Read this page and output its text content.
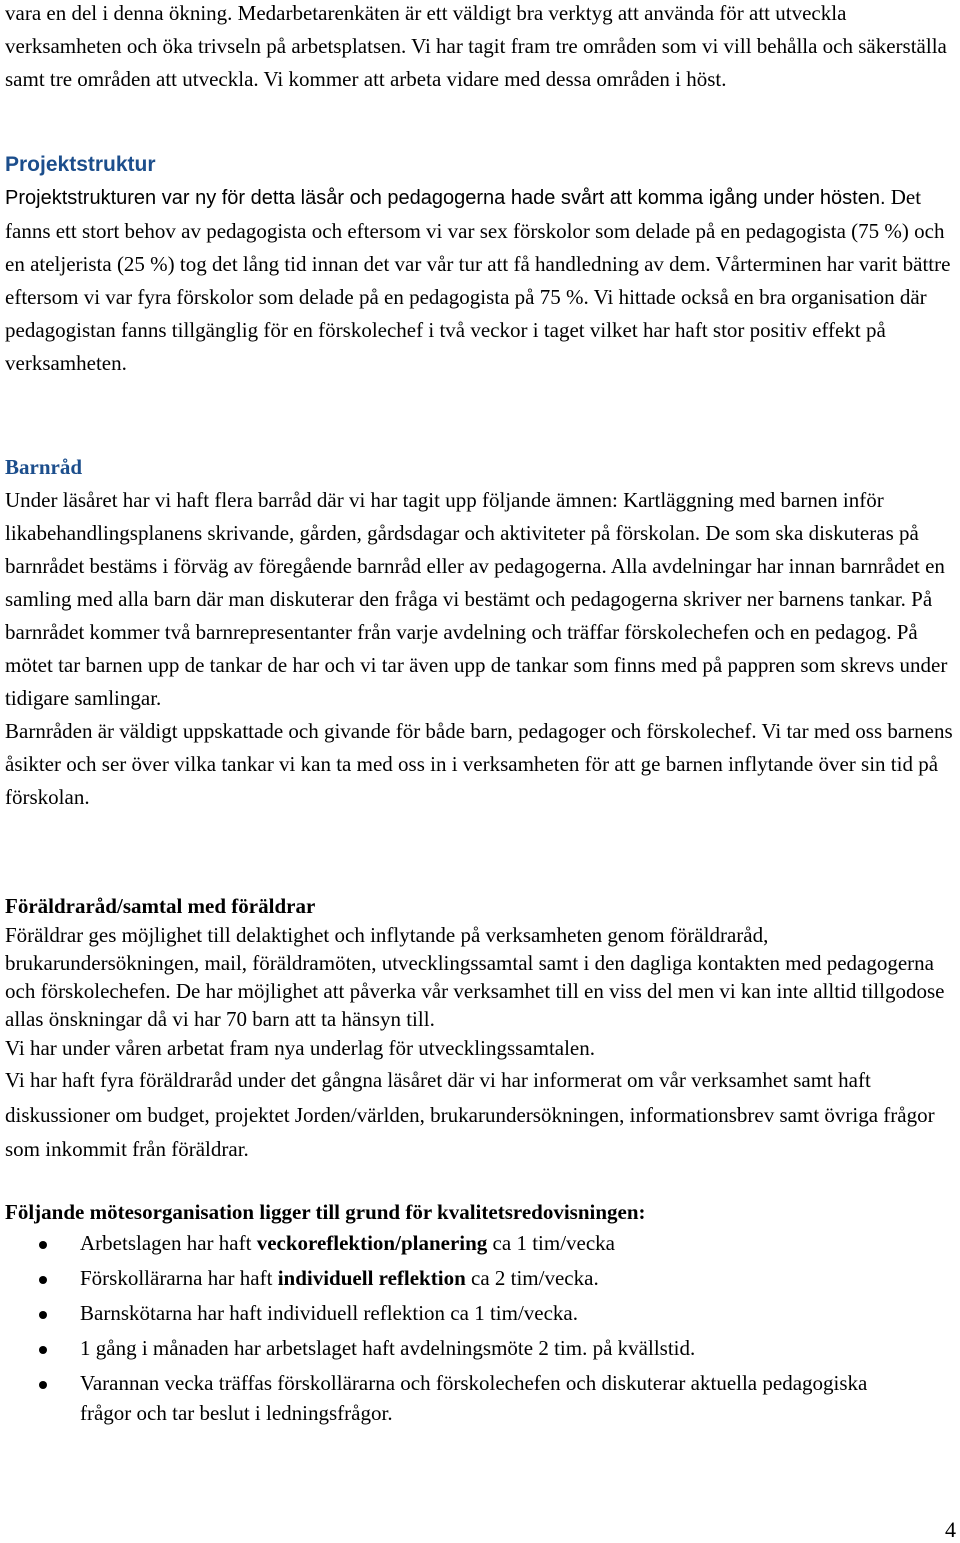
vara en del i denna ökning. Medarbetarenkäten är ett väldigt bra verktyg att använda för att utveckla verksamheten och öka trivseln på arbetsplatsen. Vi har tagit fram tre områden som vi vill behålla och säkerställa samt tre områden att utveckla. Vi kommer att arbeta vidare med dessa områden i höst.

Projektstruktur

Projektstrukturen var ny för detta läsår och pedagogerna hade svårt att komma igång under hösten. Det fanns ett stort behov av pedagogista och eftersom vi var sex förskolor som delade på en pedagogista (75 %) och en ateljerista (25 %) tog det lång tid innan det var vår tur att få handledning av dem. Vårterminen har varit bättre eftersom vi var fyra förskolor som delade på en pedagogista på 75 %. Vi hittade också en bra organisation där pedagogistan fanns tillgänglig för en förskolechef i två veckor i taget vilket har haft stor positiv effekt på verksamheten.

Barnråd

Under läsåret har vi haft flera barråd där vi har tagit upp följande ämnen: Kartläggning med barnen inför likabehandlingsplanens skrivande, gården, gårdsdagar och aktiviteter på förskolan. De som ska diskuteras på barnrådet bestäms i förväg av föregående barnråd eller av pedagogerna. Alla avdelningar har innan barnrådet en samling med alla barn där man diskuterar den fråga vi bestämt och pedagogerna skriver ner barnens tankar. På barnrådet kommer två barnrepresentanter från varje avdelning och träffar förskolechefen och en pedagog. På mötet tar barnen upp de tankar de har och vi tar även upp de tankar som finns med på pappren som skrevs under tidigare samlingar.

Barnråden är väldigt uppskattade och givande för både barn, pedagoger och förskolechef. Vi tar med oss barnens åsikter och ser över vilka tankar vi kan ta med oss in i verksamheten för att ge barnen inflytande över sin tid på förskolan.

Föräldraråd/samtal med föräldrar

Föräldrar ges möjlighet till delaktighet och inflytande på verksamheten genom föräldraråd, brukarundersökningen, mail, föräldramöten, utvecklingssamtal samt i den dagliga kontakten med pedagogerna och förskolechefen. De har möjlighet att påverka vår verksamhet till en viss del men vi kan inte alltid tillgodose allas önskningar då vi har 70 barn att ta hänsyn till.

Vi har under våren arbetat fram nya underlag för utvecklingssamtalen.

Vi har haft fyra föräldraråd under det gångna läsåret där vi har informerat om vår verksamhet samt haft diskussioner om budget, projektet Jorden/världen, brukarundersökningen, informationsbrev samt övriga frågor som inkommit från föräldrar.

Följande mötesorganisation ligger till grund för kvalitetsredovisningen:

Arbetslagen har haft veckoreflektion/planering ca 1 tim/vecka
Förskollärarna har haft individuell reflektion ca 2 tim/vecka.
Barnskötarna har haft individuell reflektion ca 1 tim/vecka.
1 gång i månaden har arbetslaget haft avdelningsmöte 2 tim. på kvällstid.
Varannan vecka träffas förskollärarna och förskolechefen och diskuterar aktuella pedagogiska frågor och tar beslut i ledningsfrågor.
4
